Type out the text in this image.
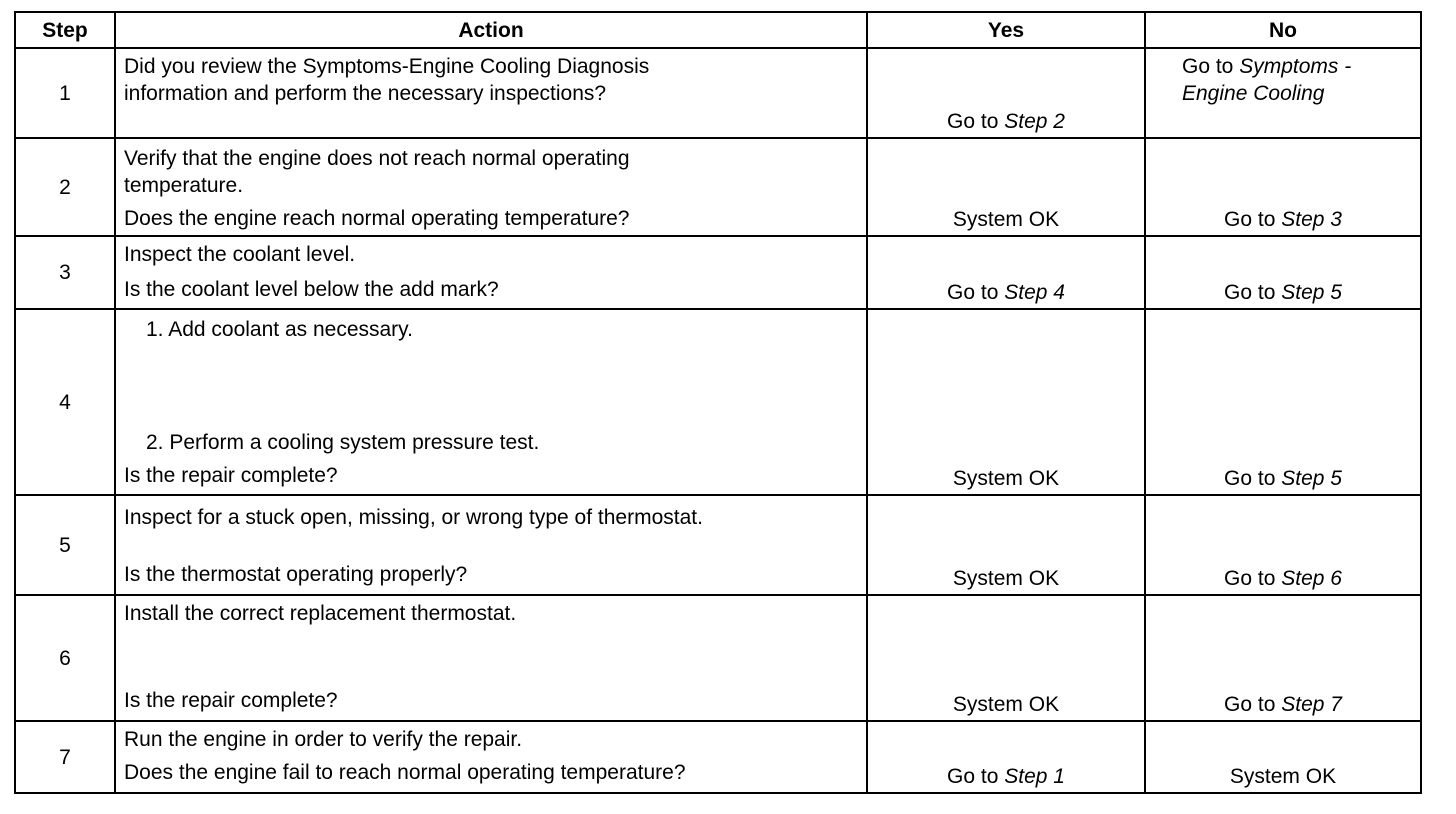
Step	Action	Yes	No
1	Did you review the Symptoms-Engine Cooling Diagnosis
information and perform the necessary inspections?	Go to Step 2	Go to Symptoms -
Engine Cooling

2	Verify that the engine does not reach normal operating
temperature.
Does the engine reach normal operating temperature?	System OK	Go to Step 3
3	Inspect the coolant level.
Is the coolant level below the add mark?	Go to Step 4	Go to Step 5
4	1. Add coolant as necessary.
2. Perform a cooling system pressure test.
Is the repair complete?	System OK	Go to Step 5
5	Inspect for a stuck open, missing, or wrong type of thermostat.
Is the thermostat operating properly?	System OK	Go to Step 6
6	Install the correct replacement thermostat.
Is the repair complete?	System OK	Go to Step 7
7	Run the engine in order to verify the repair.
Does the engine fail to reach normal operating temperature?	Go to Step 1	System OK
